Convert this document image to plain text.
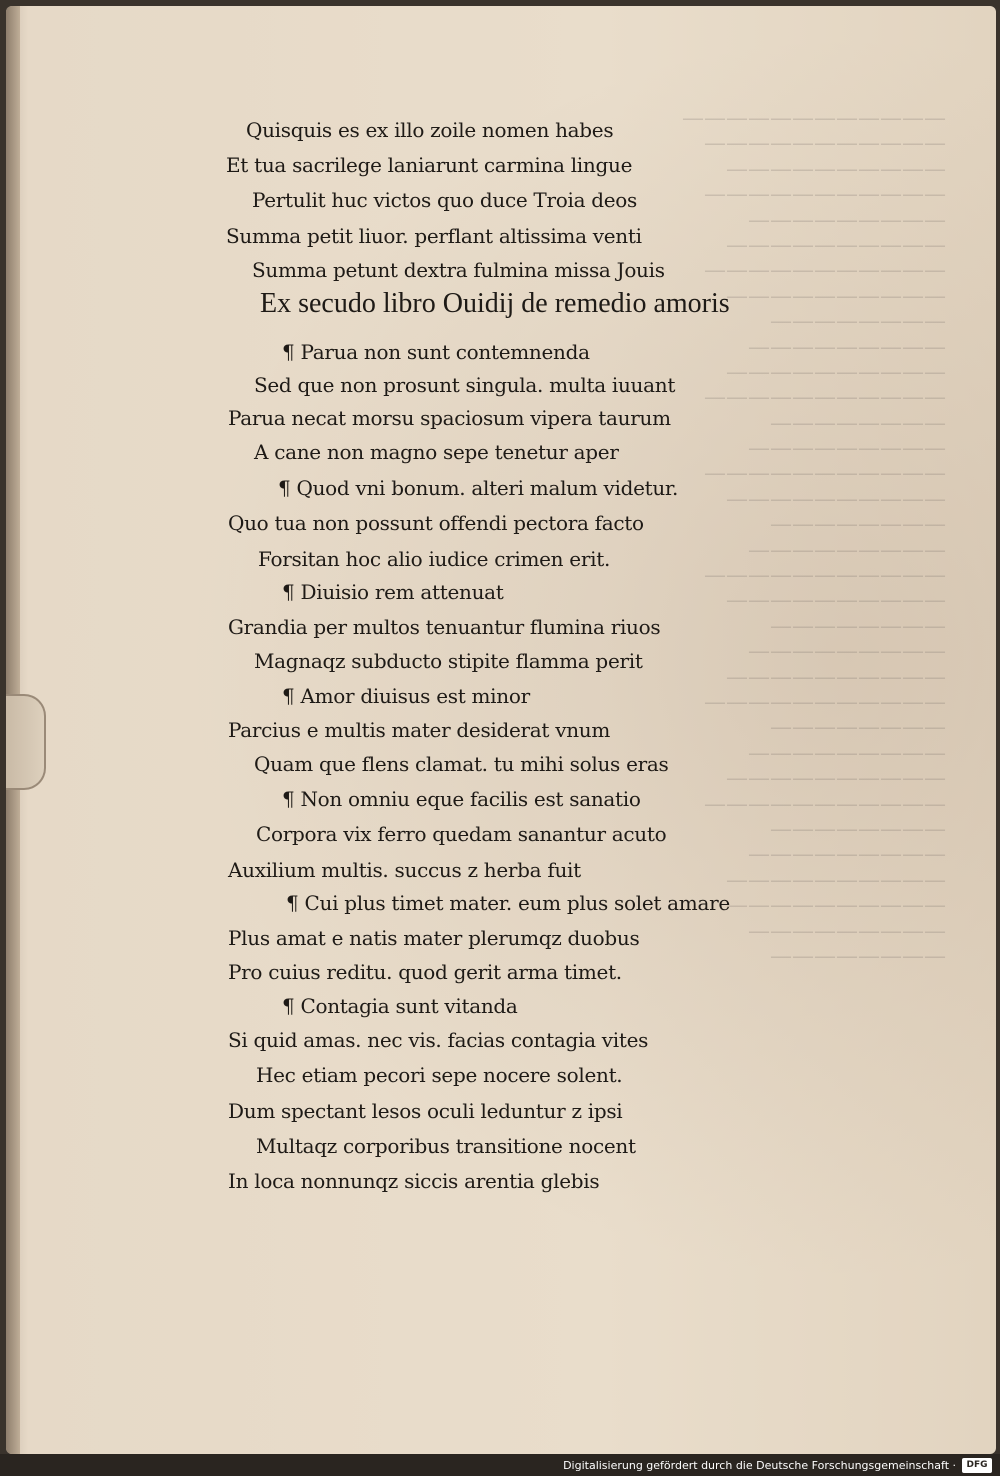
————————————
———————————
——————————
———————————
—————————
——————————
———————————
——————————
————————
—————————
——————————
———————————
————————
—————————
———————————
——————————
————————
—————————
———————————
——————————
————————
—————————
——————————
———————————
————————
—————————
——————————
———————————
————————
—————————
——————————
——————————
—————————
————————
Quisquis es ex illo zoile nomen habes
Et tua sacrilege laniarunt carmina lingue
Pertulit huc victos quo duce Troia deos
Summa petit liuor. perflant altissima venti
Summa petunt dextra fulmina missa Jouis
Ex secudo libro Ouidij de remedio amoris
¶ Parua non sunt contemnenda
Sed que non prosunt singula. multa iuuant
Parua necat morsu spaciosum vipera taurum
A cane non magno sepe tenetur aper
¶ Quod vni bonum. alteri malum videtur.
Quo tua non possunt offendi pectora facto
Forsitan hoc alio iudice crimen erit.
¶ Diuisio rem attenuat
Grandia per multos tenuantur flumina riuos
Magnaqz subducto stipite flamma perit
¶ Amor diuisus est minor
Parcius e multis mater desiderat vnum
Quam que flens clamat. tu mihi solus eras
¶ Non omniu eque facilis est sanatio
Corpora vix ferro quedam sanantur acuto
Auxilium multis. succus z herba fuit
¶ Cui plus timet mater. eum plus solet amare
Plus amat e natis mater plerumqz duobus
Pro cuius reditu. quod gerit arma timet.
¶ Contagia sunt vitanda
Si quid amas. nec vis. facias contagia vites
Hec etiam pecori sepe nocere solent.
Dum spectant lesos oculi leduntur z ipsi
Multaqz corporibus transitione nocent
In loca nonnunqz siccis arentia glebis
Digitalisierung gefördert durch die Deutsche Forschungsgemeinschaft ·	DFG
